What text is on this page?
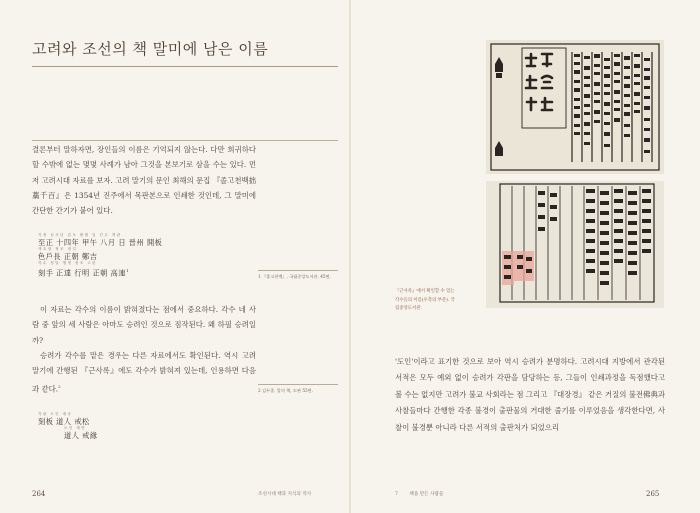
고려와 조선의 책 말미에 남은 이름

결론부터 말하자면, 장인들의 이름은 기억되지 않는다. 다만 희귀하다 할 수밖에 없는 몇몇 사례가 남아 그것을 본보기로 삼을 수는 있다. 먼저 고려시대 자료를 보자. 고려 말기의 문인 최해의 문집 『졸고천백拙藁千百』은 1354년 진주에서 목판본으로 인쇄한 것인데, 그 말미에 간단한 간기가 붙어 있다.

지정 십사년 갑오 팔월 일 진주 개판
至正 十四年 甲午 八月 日 晉州 開板
색호장 정조 정길
色戶長 正朝 鄭吉
각수 정달 행명 정조 고련
刻手 正達 行明 正朝 高連$^1$

이 자료는 각수의 이름이 밝혀졌다는 점에서 중요하다. 각수 네 사람 중 앞의 세 사람은 아마도 승려인 것으로 짐작된다. 왜 하필 승려일까?

승려가 각수를 맡은 경우는 다른 자료에서도 확인된다. 역시 고려 말기에 간행된 『근사록』에도 각수가 밝혀져 있는데, 인용하면 다음과 같다.$^2$

각판 도인 계송
刻板 道人 戒松
도인 계연
道人 戒緣
1 『졸고천백』, 국립중앙도서관, 45면.
2 김두종, 앞의 책, 도판 55면.
264	조선시대 책과 지식의 역사
『근사록』에서 확인할 수 있는 각수들의 이름(우측의 부분). 국립중앙도서관.

'도인'이라고 표기한 것으로 보아 역시 승려가 분명하다. 고려시대 지방에서 관각된 서적은 모두 예외 없이 승려가 각판을 담당하는 등, 그들이 인쇄과정을 독점했다고 볼 수는 없지만 고려가 불교 사회라는 점 그리고 『대장경』 같은 거질의 불전佛典과 사찰들마다 간행한 각종 불경이 출판물의 거대한 줄기를 이루었음을 생각한다면, 사찰이 불경뿐 아니라 다른 서적의 출판처가 되었으리

7 책을 만든 사람들	265
